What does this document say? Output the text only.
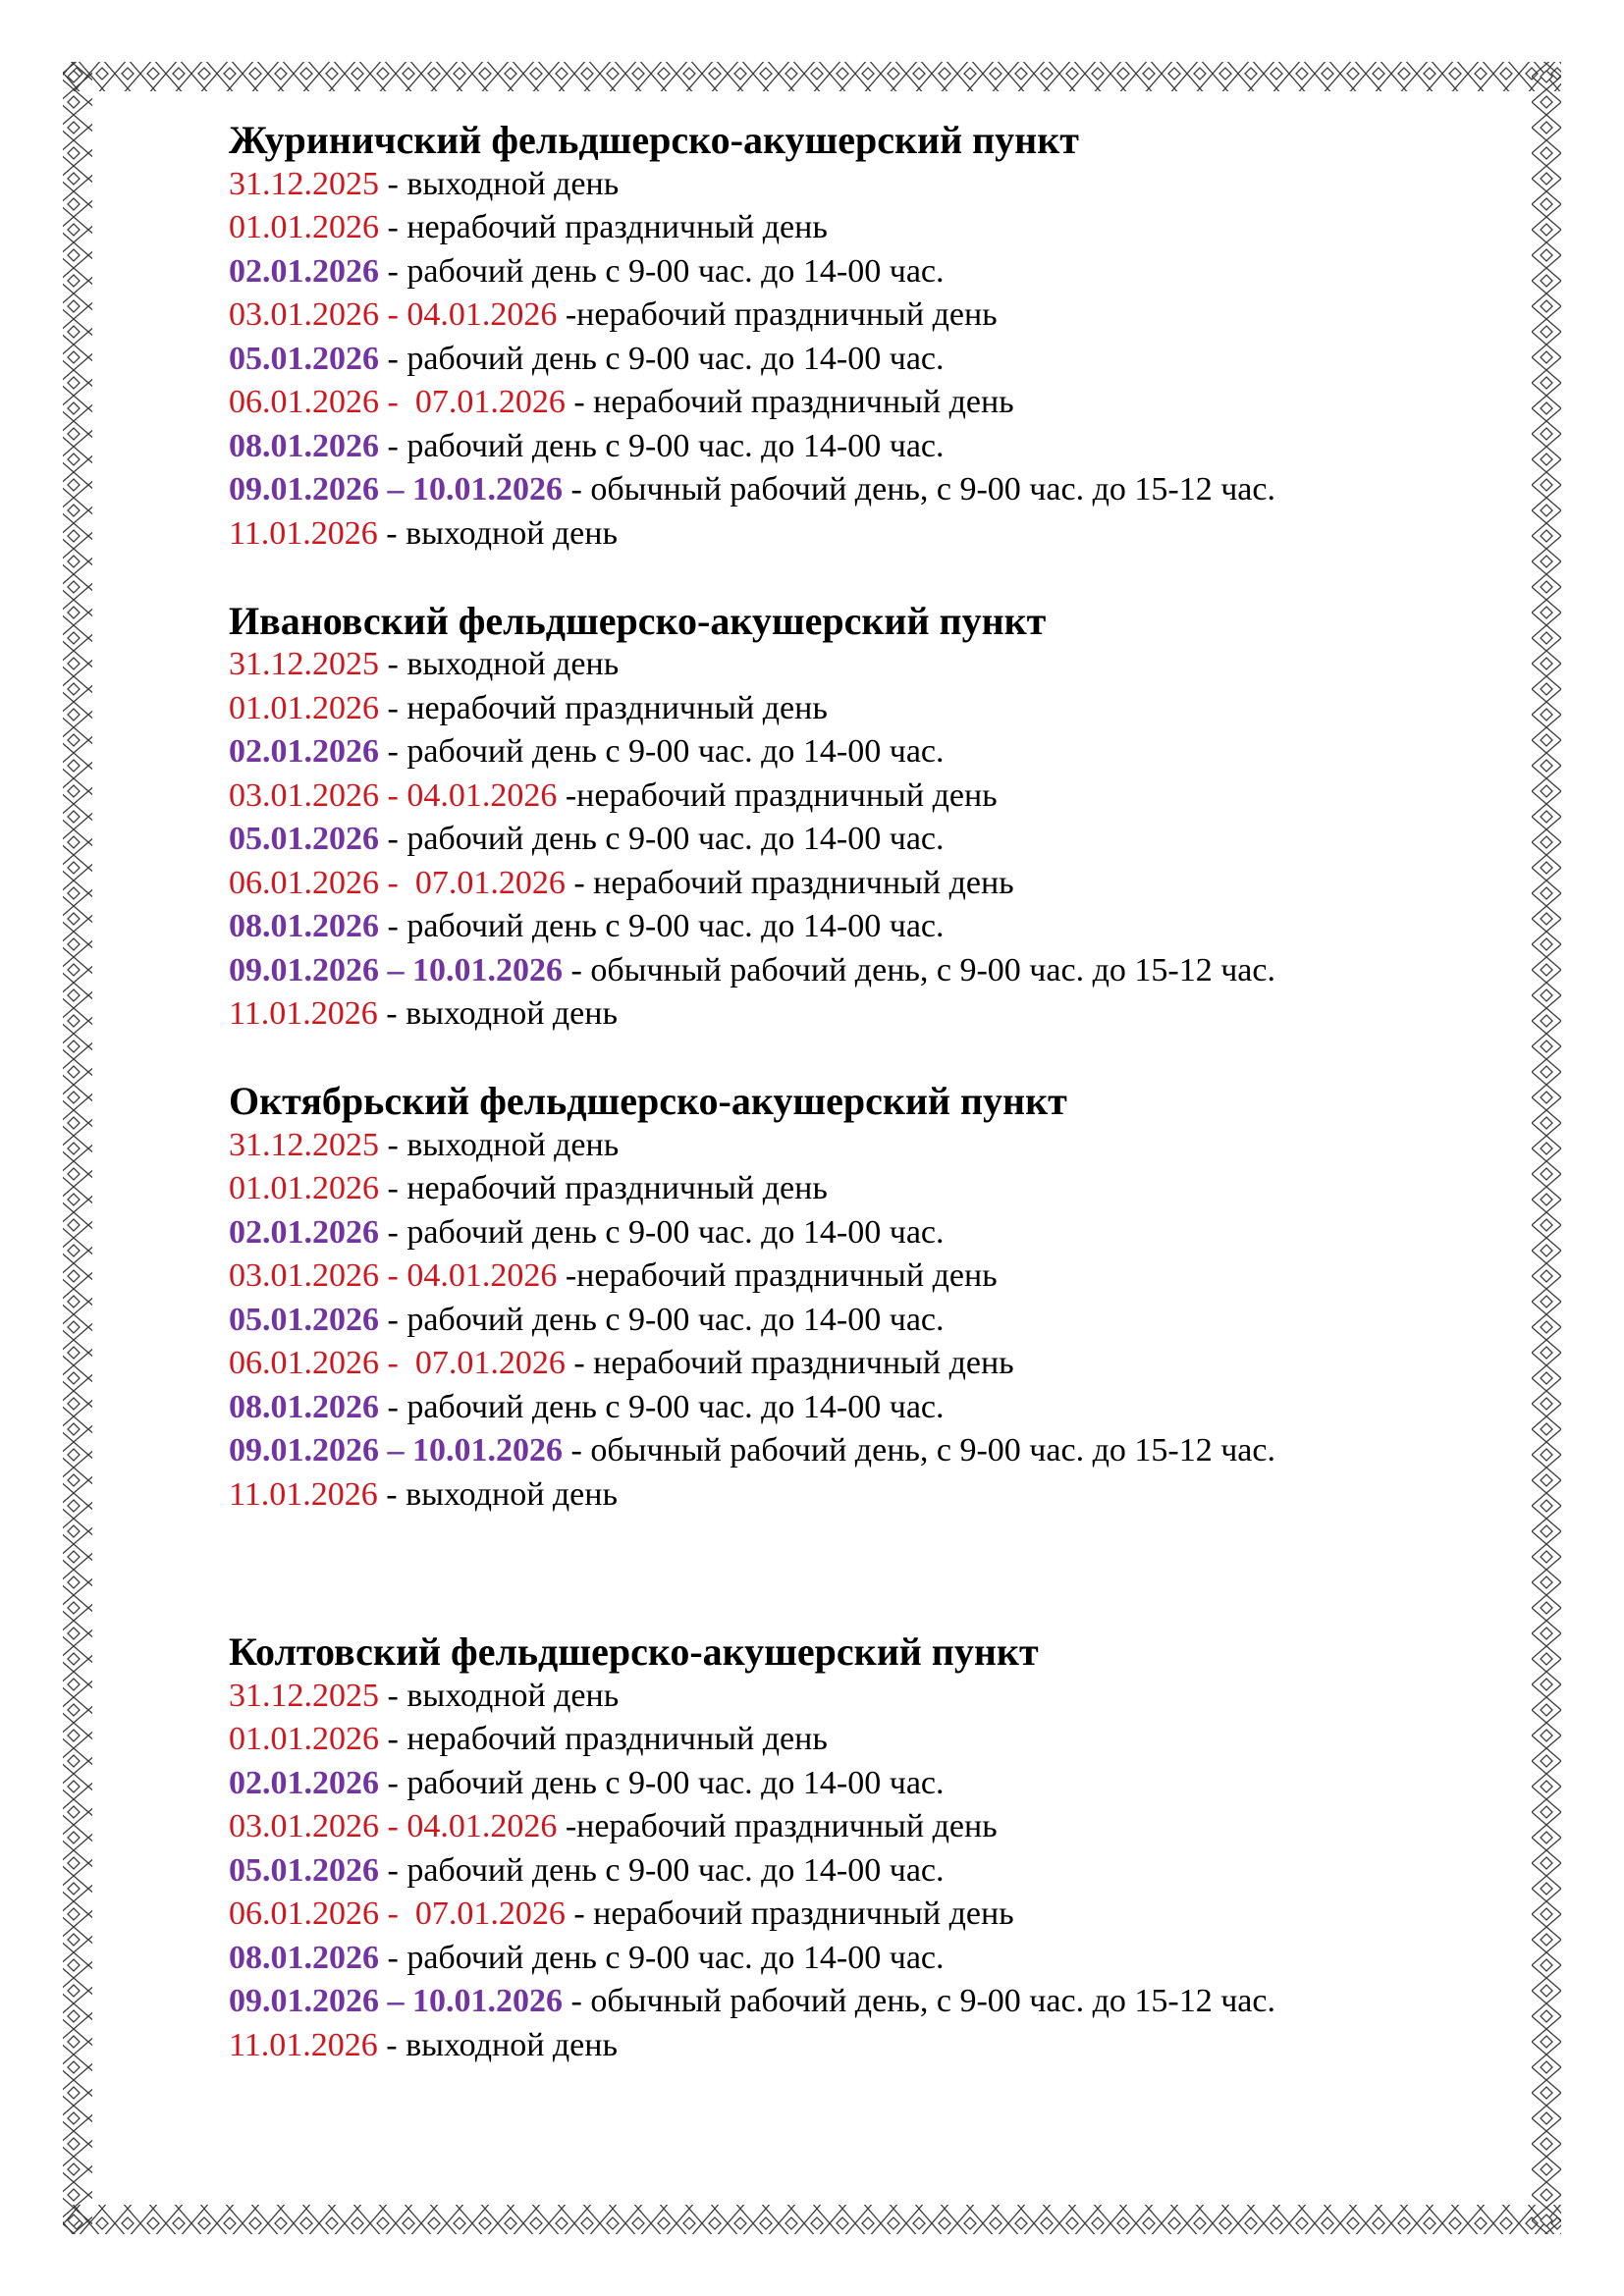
Журиничский фельдшерско-акушерский пункт
31.12.2025 - выходной день
01.01.2026 - нерабочий праздничный день
02.01.2026 - рабочий день с 9-00 час. до 14-00 час.
03.01.2026 - 04.01.2026 -нерабочий праздничный день
05.01.2026 - рабочий день с 9-00 час. до 14-00 час.
06.01.2026 -  07.01.2026 - нерабочий праздничный день
08.01.2026 - рабочий день с 9-00 час. до 14-00 час.
09.01.2026 – 10.01.2026 - обычный рабочий день, с 9-00 час. до 15-12 час.
11.01.2026 - выходной день
Ивановский фельдшерско-акушерский пункт
31.12.2025 - выходной день
01.01.2026 - нерабочий праздничный день
02.01.2026 - рабочий день с 9-00 час. до 14-00 час.
03.01.2026 - 04.01.2026 -нерабочий праздничный день
05.01.2026 - рабочий день с 9-00 час. до 14-00 час.
06.01.2026 -  07.01.2026 - нерабочий праздничный день
08.01.2026 - рабочий день с 9-00 час. до 14-00 час.
09.01.2026 – 10.01.2026 - обычный рабочий день, с 9-00 час. до 15-12 час.
11.01.2026 - выходной день
Октябрьский фельдшерско-акушерский пункт
31.12.2025 - выходной день
01.01.2026 - нерабочий праздничный день
02.01.2026 - рабочий день с 9-00 час. до 14-00 час.
03.01.2026 - 04.01.2026 -нерабочий праздничный день
05.01.2026 - рабочий день с 9-00 час. до 14-00 час.
06.01.2026 -  07.01.2026 - нерабочий праздничный день
08.01.2026 - рабочий день с 9-00 час. до 14-00 час.
09.01.2026 – 10.01.2026 - обычный рабочий день, с 9-00 час. до 15-12 час.
11.01.2026 - выходной день
Колтовский фельдшерско-акушерский пункт
31.12.2025 - выходной день
01.01.2026 - нерабочий праздничный день
02.01.2026 - рабочий день с 9-00 час. до 14-00 час.
03.01.2026 - 04.01.2026 -нерабочий праздничный день
05.01.2026 - рабочий день с 9-00 час. до 14-00 час.
06.01.2026 -  07.01.2026 - нерабочий праздничный день
08.01.2026 - рабочий день с 9-00 час. до 14-00 час.
09.01.2026 – 10.01.2026 - обычный рабочий день, с 9-00 час. до 15-12 час.
11.01.2026 - выходной день
